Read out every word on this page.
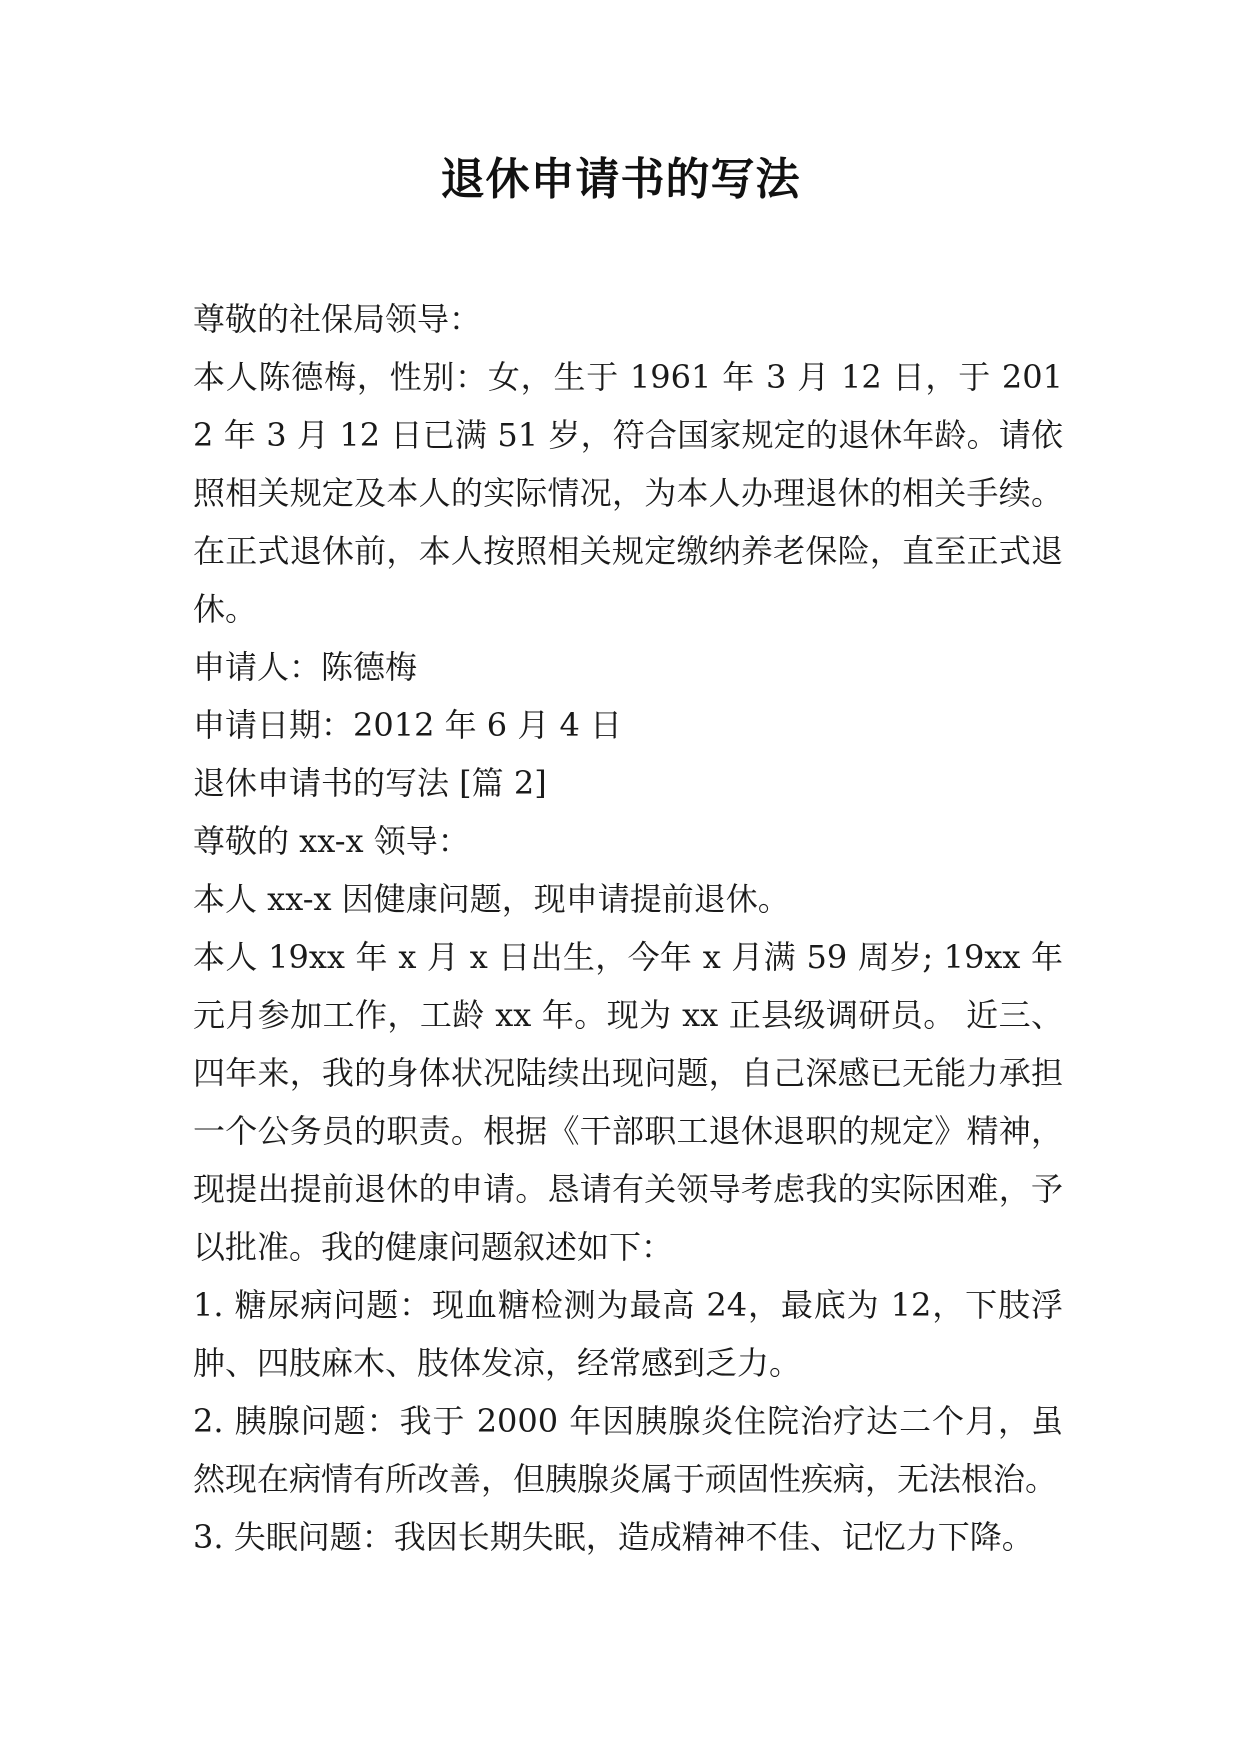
退休申请书的写法

尊敬的社保局领导：

本人陈德梅，性别：女，生于 1961 年 3 月 12 日，于 2012 年 3 月 12 日已满 51 岁，符合国家规定的退休年龄。请依照相关规定及本人的实际情况，为本人办理退休的相关手续。在正式退休前，本人按照相关规定缴纳养老保险，直至正式退休。

申请人：陈德梅

申请日期：2012 年 6 月 4 日

退休申请书的写法 [篇 2]

尊敬的 xx-x 领导：

本人 xx-x 因健康问题，现申请提前退休。

本人 19xx 年 x 月 x 日出生，今年 x 月满 59 周岁; 19xx 年元月参加工作，工龄 xx 年。现为 xx 正县级调研员。 近三、四年来，我的身体状况陆续出现问题，自己深感已无能力承担一个公务员的职责。根据《干部职工退休退职的规定》精神，现提出提前退休的申请。恳请有关领导考虑我的实际困难，予以批准。我的健康问题叙述如下：

1. 糖尿病问题：现血糖检测为最高 24，最底为 12，下肢浮肿、四肢麻木、肢体发凉，经常感到乏力。

2. 胰腺问题：我于 2000 年因胰腺炎住院治疗达二个月，虽然现在病情有所改善，但胰腺炎属于顽固性疾病，无法根治。

3. 失眠问题：我因长期失眠，造成精神不佳、记忆力下降。
